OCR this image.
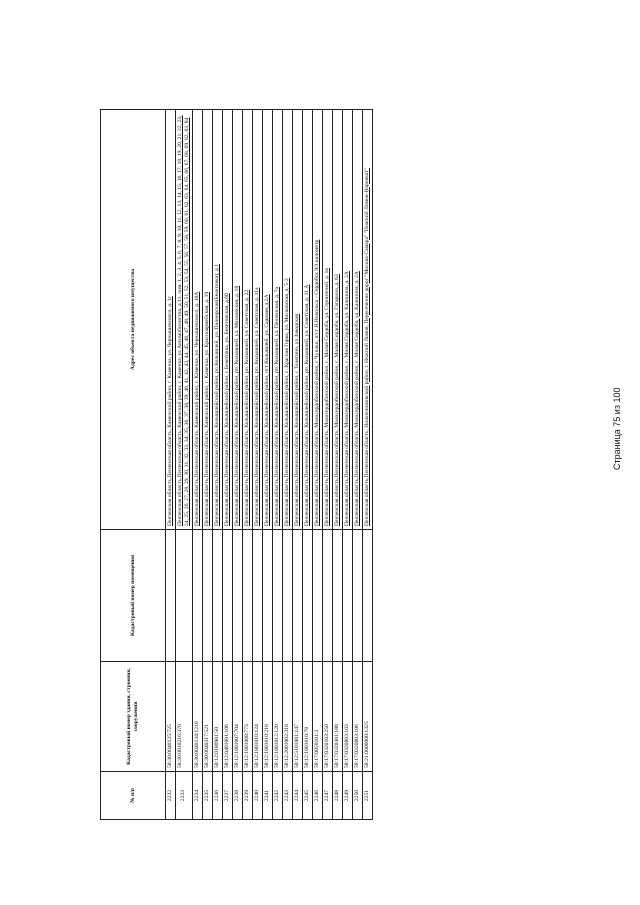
№ п/п	Кадастровый номер здания, строения, сооружения	Кадастровый номер помещения	Адрес объекта недвижимого имущества
2232	58:30:0040125:725		Пензенская область,Пензенская область, Каменский район, г. Каменка, ул. Чернышевского, д. 1г
2233	58:30:0010216:370		Пензенская область,Пензенская область, Каменский район, г. Каменка, ул Автомобилистов, д 11, пом. 1, 2, 3, 4, 5, 6, 7, 8, 9, 10, 11, 12, 13, 14, 15, 16, 17, 18, 19, 20, 21, 22, 23, 24, 25, 26, 27, 28, 29, 30, 31, 32, 33, 34, 35, 36, 37, 38, 39, 40, 41, 42, 43, 44, 45, 46, 47, 48, 49, 50, 51, 52, 53, 54, 55, 56, 57, 58, 59, 60, 61, 62, 63, 64, 65, 66, 67, 68, 69, 82, 83, 84
2234	58:30:0040134:1210		Пензенская область,Пензенская область, Каменский район, г. Каменка, ул. Чернышевского, д. 10А
2235	58:30:0040317:521		Пензенская область,Пензенская область, Каменский район, г. Каменка, ул. Красноармейская, д. 19
2236	58:12:0180901:50		Пензенская область,Пензенская область, Колышлейский район, рп Колышлей, ул. Пионерская(Бекетовка), д.1
2237	58:12:0401001:106		Пензенская область,Пензенская область, Колышлейский район, с Бекетовка, ул. Бекетовская, д.60
2238	58:12:1801007:704		Пензенская область,Пензенская область, Колышлейский район, рп. Колышлей, ул. Московская, д. 18
2239	58:12:1801008:773		Пензенская область,Пензенская область, Колышлейский район, рп. Колышлей, ул. Советская, д. 22
2240	58:12:1801010:124		Пензенская область,Пензенская область, Колышлейский район, рп. Колышлей, ул. Советская, д. 11а
2241	58:12:1801010:218		Пензенская область,Пензенская область, Колышлейский район, пгт Колышлей, ул. Садовая, д.2А
2242	58:12:1801012:120		Пензенская область,Пензенская область, Колышлейский район, рп. Колышлей, ул. Пензенская, д. 7а
2243	58:12:2001002:318		Пензенская область,Пензенская область, Колышлейский район, с. Красная Горка, ул. Московская, д. 5-2
2244	58:12:5101001:147		Пензенская область,Пензенская область, Колышлейский район, с Телегино, ул Заводская
2245	58:12:1801010:78		Пензенская область,Пензенская область, Колышлейский район, рп. Колышлей, ул. Советская, д. 11 А
2246	58:17:0050101:3		Пензенская область,Пензенская область, Малосердобинский район, с Чунаки, п/ст Н.Никольск - Сердобск 9/3 километр
2247	58:17:0320103:250		Пензенская область,Пензенская область, Малосердобинский район, с. Малая Сердоба, ул. Строителей, д. 1в
2248	58:17:0320301:180		Пензенская область,Пензенская область, Малосердобинский район, с. Малая Сердоба, ул. Гагарина, д. 63
2249	58:17:0320803:103		Пензенская область,Пензенская область, Малосердобинский район, с. Малая Сердоба, ул. Калинина, д. 2А
2250	58:17:0320803:106		Пензенская область,Пензенская область, Малосердобинский район, с. Малая Сердоба, ул. Калинина, д. 2А
2251	58:21:0000000:1325		Пензенская область,Пензенская область, Нижнеломовский район, г. Нижний Ломов, Пересечение дорог "Москва-Самара" "Нижний Ломов-Наровчат"	Страница 75 из 100
